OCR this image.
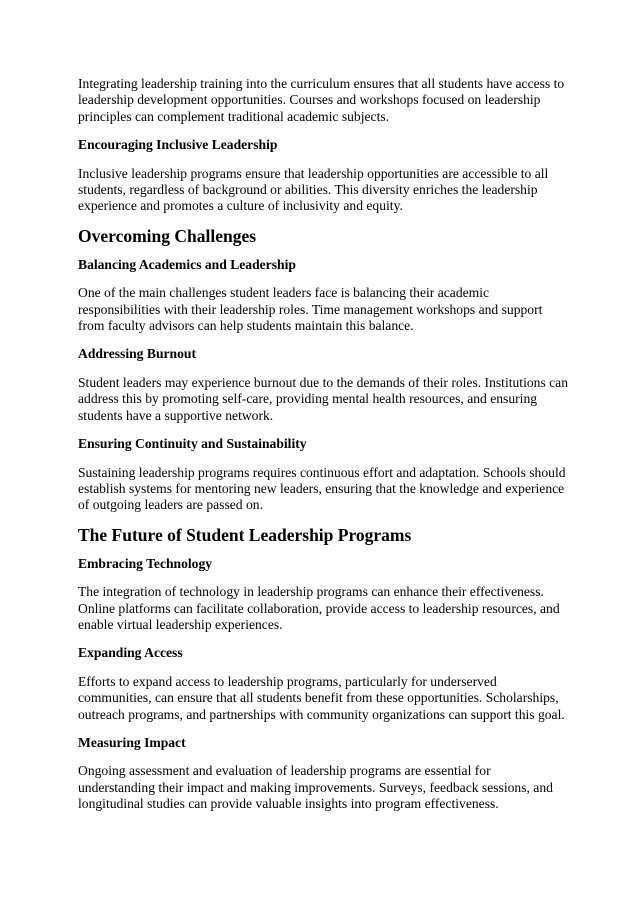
Integrating leadership training into the curriculum ensures that all students have access to leadership development opportunities. Courses and workshops focused on leadership principles can complement traditional academic subjects.

Encouraging Inclusive Leadership

Inclusive leadership programs ensure that leadership opportunities are accessible to all students, regardless of background or abilities. This diversity enriches the leadership experience and promotes a culture of inclusivity and equity.

Overcoming Challenges
Balancing Academics and Leadership

One of the main challenges student leaders face is balancing their academic responsibilities with their leadership roles. Time management workshops and support from faculty advisors can help students maintain this balance.

Addressing Burnout

Student leaders may experience burnout due to the demands of their roles. Institutions can address this by promoting self-care, providing mental health resources, and ensuring students have a supportive network.

Ensuring Continuity and Sustainability

Sustaining leadership programs requires continuous effort and adaptation. Schools should establish systems for mentoring new leaders, ensuring that the knowledge and experience of outgoing leaders are passed on.

The Future of Student Leadership Programs
Embracing Technology

The integration of technology in leadership programs can enhance their effectiveness. Online platforms can facilitate collaboration, provide access to leadership resources, and enable virtual leadership experiences.

Expanding Access

Efforts to expand access to leadership programs, particularly for underserved communities, can ensure that all students benefit from these opportunities. Scholarships, outreach programs, and partnerships with community organizations can support this goal.

Measuring Impact

Ongoing assessment and evaluation of leadership programs are essential for understanding their impact and making improvements. Surveys, feedback sessions, and longitudinal studies can provide valuable insights into program effectiveness.
